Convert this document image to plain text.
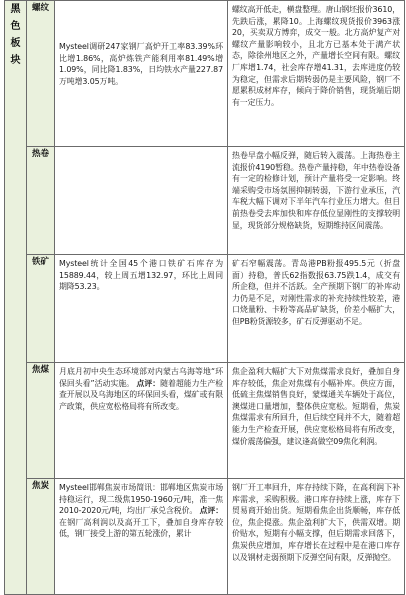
黑
色
板
块	螺纹	Mysteel调研247家钢厂高炉开工率83.39%环比增1.86%，高炉炼铁产能利用率81.49%增1.09%，同比降1.83%，日均铁水产量227.87万吨增3.05万吨。	螺纹高开低走，横盘整理。唐山钢坯报价3610，先跌后涨，累降10。上海螺纹现货报价3963涨20，买卖双方博弈，成交一般。北方高炉复产对螺纹产量影响较小，且北方已基本处于满产状态，除徐州地区之外，产量增长空间有限。螺纹厂库增1.74，社会库存增41.31，去库进度仍较为稳定，但需求后期转弱仍是主要风险，钢厂不愿累积成材库存，倾向于降价销售，现货端后期有一定压力。

	热卷		热卷早盘小幅反弹，随后转入震荡。上海热卷主流报价4190暂稳。热卷产量持稳，年中热卷设备有一定的检修计划，预计产量将受一定影响。终端采购受市场氛围抑制转弱，下游行业承压，汽车税大幅下调对下半年汽车行业压力增大。但目前热卷受去库加快和库存低位显刚性的支撑较明显，现货部分规格缺货，短期维持区间震荡。

	铁矿	Mysteel统计全国45个港口铁矿石库存为15889.44，较上周五增132.97，环比上周同期降53.23。	矿石窄幅震荡。青岛港PB粉报495.5元（折盘面）持稳，普氏62指数报63.75跌1.4，成交有所企稳，但并不活跃。全产预期下钢厂的补库动力仍是不足，对刚性需求的补充持续性较差，港口烧量粉、卡粉等高品矿缺货，价差小幅扩大，但PB粉货源较多，矿石反弹驱动不足。

	焦煤	月底月初中央生态环境部对内蒙古乌海等地“环保回头看”活动实施。 点评：随着超能力生产检查开展以及乌海地区的环保回头看，煤矿或有限产政策，供应宽松格局将有所改变。	焦企盈利大幅扩大下对焦煤需求良好，叠加自身库存较低，焦企对焦煤有小幅补库。供应方面，低硫主焦煤销售良好，蒙煤通关车辆处于高位，澳煤进口量增加，整体供应宽松。短期看，焦炭焦煤需求有所回升，但后续空间并不大，随着超能力生产检查开展，供应宽松格局将有所改变，煤价震荡偏强，建议逢高做空09焦化利润。

	焦炭	Mysteel邯郸焦炭市场简讯：邯郸地区焦炭市场持稳运行，现二级焦1950-1960元/吨，准一焦2010-2020元/吨，均出厂承兑含税价。 点评：在钢厂高利润以及高开工下，叠加自身库存较低，钢厂接受上游的第五轮涨价，累计	钢厂开工率回升，库存持续下降，在高利润下补库需求，采购积极。港口库存持续上涨，库存下贸易商开始出货。短期看焦企出货顺畅，库存低位，焦企提涨。焦企盈利扩大下，供需双增。期价贴水，短期有小幅支撑，但后期需求回落下，焦炭供应增加，库存增长在过程中是在港口库存以及钢材走弱预期下反弹空间有限，反弹抛空。
